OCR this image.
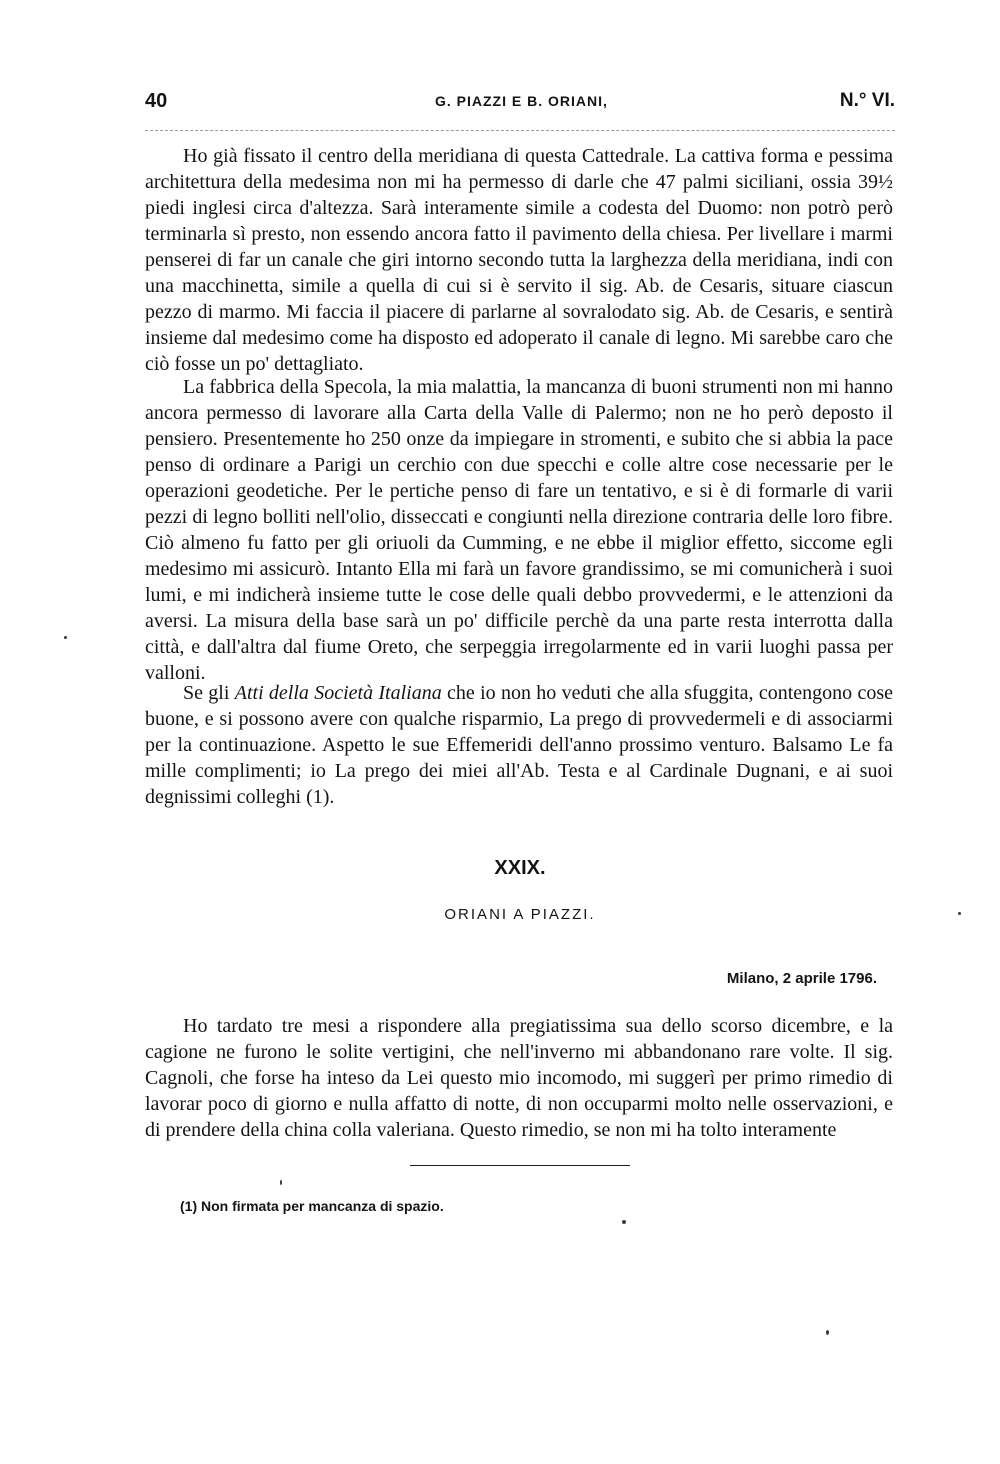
40	G. PIAZZI E B. ORIANI,	N.° VI.

Ho già fissato il centro della meridiana di questa Cattedrale. La cattiva forma e pessima architettura della medesima non mi ha permesso di darle che 47 palmi siciliani, ossia 39½ piedi inglesi circa d'altezza. Sarà interamente simile a codesta del Duomo: non potrò però terminarla sì presto, non essendo ancora fatto il pavimento della chiesa. Per livellare i marmi penserei di far un canale che giri intorno secondo tutta la larghezza della meridiana, indi con una macchinetta, simile a quella di cui si è servito il sig. Ab. de Cesaris, situare ciascun pezzo di marmo. Mi faccia il piacere di parlarne al sovralodato sig. Ab. de Cesaris, e sentirà insieme dal medesimo come ha disposto ed adoperato il canale di legno. Mi sarebbe caro che ciò fosse un po' dettagliato.

La fabbrica della Specola, la mia malattia, la mancanza di buoni strumenti non mi hanno ancora permesso di lavorare alla Carta della Valle di Palermo; non ne ho però deposto il pensiero. Presentemente ho 250 onze da impiegare in stromenti, e subito che si abbia la pace penso di ordinare a Parigi un cerchio con due specchi e colle altre cose necessarie per le operazioni geodetiche. Per le pertiche penso di fare un tentativo, e si è di formarle di varii pezzi di legno bolliti nell'olio, disseccati e congiunti nella direzione contraria delle loro fibre. Ciò almeno fu fatto per gli oriuoli da Cumming, e ne ebbe il miglior effetto, siccome egli medesimo mi assicurò. Intanto Ella mi farà un favore grandissimo, se mi comunicherà i suoi lumi, e mi indicherà insieme tutte le cose delle quali debbo provvedermi, e le attenzioni da aversi. La misura della base sarà un po' difficile perchè da una parte resta interrotta dalla città, e dall'altra dal fiume Oreto, che serpeggia irregolarmente ed in varii luoghi passa per valloni.

Se gli Atti della Società Italiana che io non ho veduti che alla sfuggita, contengono cose buone, e si possono avere con qualche risparmio, La prego di provvedermeli e di associarmi per la continuazione. Aspetto le sue Effemeridi dell'anno prossimo venturo. Balsamo Le fa mille complimenti; io La prego dei miei all'Ab. Testa e al Cardinale Dugnani, e ai suoi degnissimi colleghi (1).

XXIX.
ORIANI A PIAZZI.
Milano, 2 aprile 1796.

Ho tardato tre mesi a rispondere alla pregiatissima sua dello scorso dicembre, e la cagione ne furono le solite vertigini, che nell'inverno mi abbandonano rare volte. Il sig. Cagnoli, che forse ha inteso da Lei questo mio incomodo, mi suggerì per primo rimedio di lavorar poco di giorno e nulla affatto di notte, di non occuparmi molto nelle osservazioni, e di prendere della china colla valeriana. Questo rimedio, se non mi ha tolto interamente

(1) Non firmata per mancanza di spazio.
